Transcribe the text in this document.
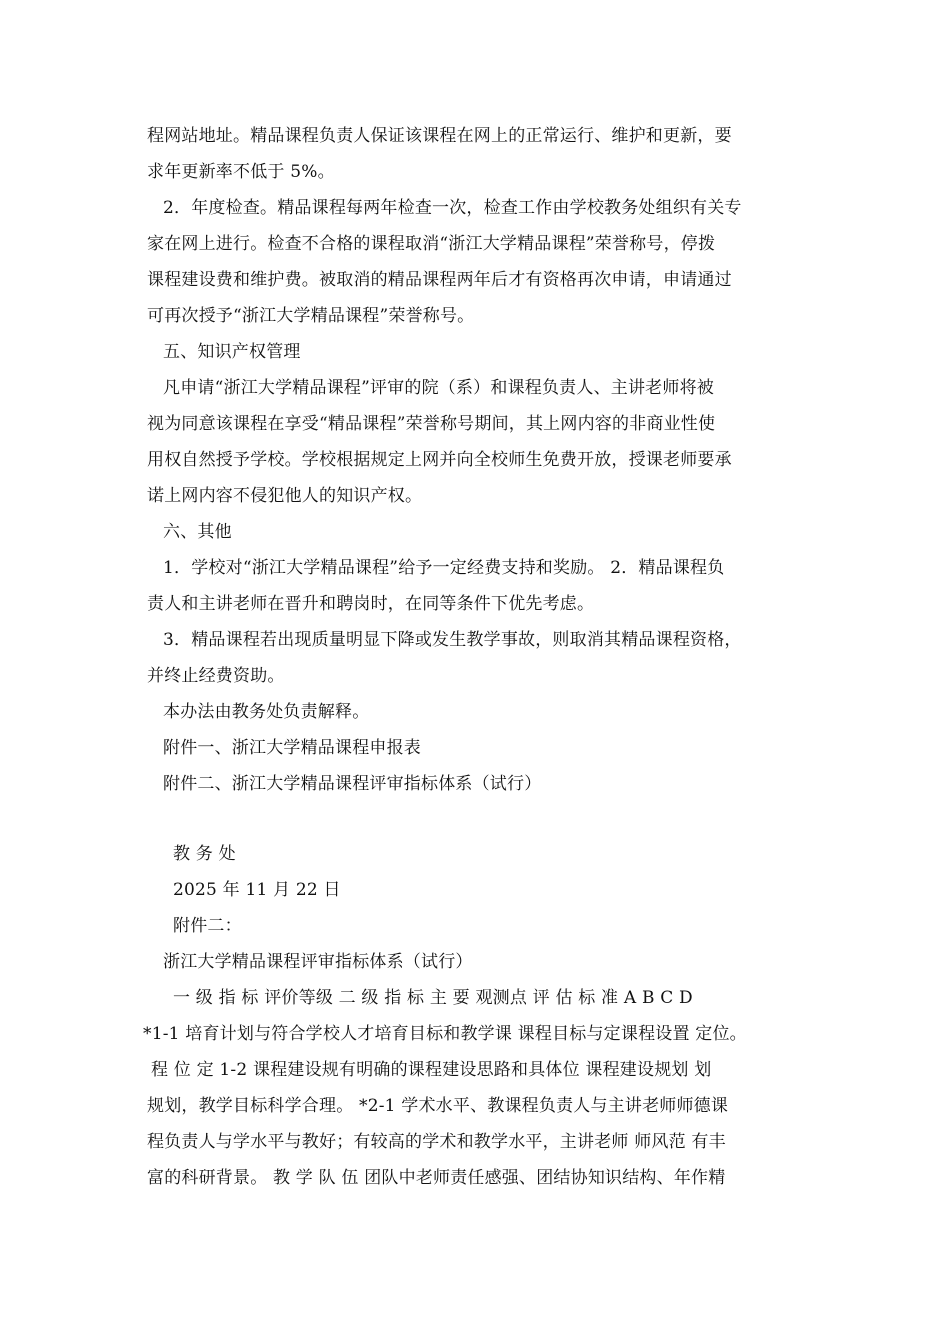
程网站地址。精品课程负责人保证该课程在网上的正常运行、维护和更新，要
求年更新率不低于 5%。
2．年度检查。精品课程每两年检查一次，检查工作由学校教务处组织有关专
家在网上进行。检查不合格的课程取消“浙江大学精品课程”荣誉称号，停拨
课程建设费和维护费。被取消的精品课程两年后才有资格再次申请，申请通过
可再次授予“浙江大学精品课程”荣誉称号。
五、知识产权管理
凡申请“浙江大学精品课程”评审的院（系）和课程负责人、主讲老师将被
视为同意该课程在享受“精品课程”荣誉称号期间，其上网内容的非商业性使
用权自然授予学校。学校根据规定上网并向全校师生免费开放，授课老师要承
诺上网内容不侵犯他人的知识产权。
六、其他
1．学校对“浙江大学精品课程”给予一定经费支持和奖励。 2．精品课程负
责人和主讲老师在晋升和聘岗时，在同等条件下优先考虑。
3．精品课程若出现质量明显下降或发生教学事故，则取消其精品课程资格，
并终止经费资助。
本办法由教务处负责解释。
附件一、浙江大学精品课程申报表
附件二、浙江大学精品课程评审指标体系（试行）
教 务 处
2025 年 11 月 22 日
附件二：
浙江大学精品课程评审指标体系（试行）
一 级 指 标 评价等级 二 级 指 标 主 要 观测点 评 估 标 准 A B C D
*1-1 培育计划与符合学校人才培育目标和教学课 课程目标与定课程设置 定位。
程 位 定 1-2 课程建设规有明确的课程建设思路和具体位 课程建设规划 划
规划，教学目标科学合理。 *2-1 学术水平、教课程负责人与主讲老师师德课
程负责人与学水平与教好；有较高的学术和教学水平，主讲老师 师风范 有丰
富的科研背景。 教 学 队 伍 团队中老师责任感强、团结协知识结构、年作精
